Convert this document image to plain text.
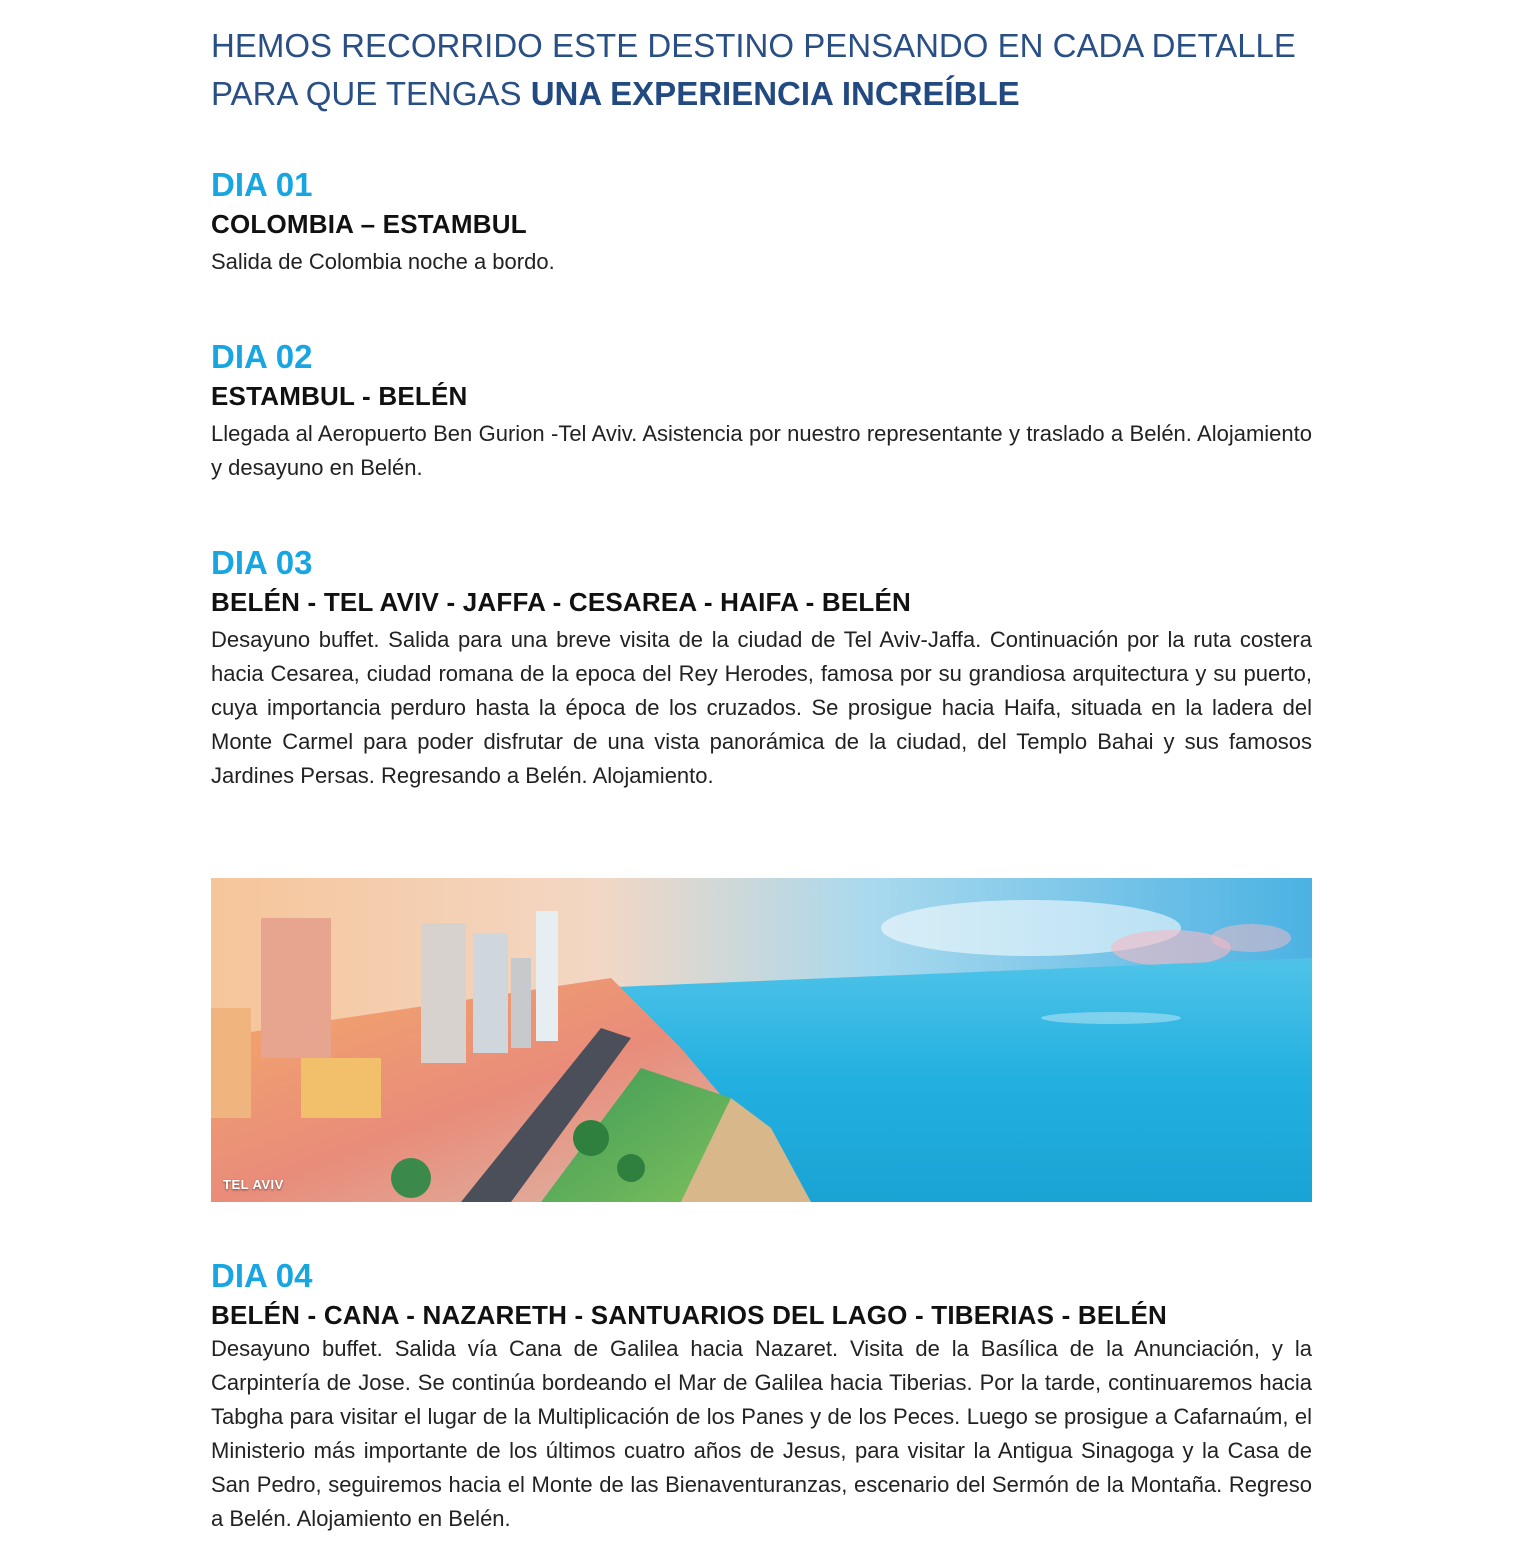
HEMOS RECORRIDO ESTE DESTINO PENSANDO EN CADA DETALLE
PARA QUE TENGAS UNA EXPERIENCIA INCREÍBLE
DIA 01
COLOMBIA – ESTAMBUL

Salida de Colombia noche a bordo.

DIA 02
ESTAMBUL - BELÉN

Llegada al Aeropuerto Ben Gurion -Tel Aviv. Asistencia por nuestro representante y traslado a Belén. Alojamiento y desayuno en Belén.

DIA 03
BELÉN - TEL AVIV - JAFFA - CESAREA - HAIFA - BELÉN

Desayuno buffet. Salida para una breve visita de la ciudad de Tel Aviv-Jaffa. Continuación por la ruta costera hacia Cesarea, ciudad romana de la epoca del Rey Herodes, famosa por su grandiosa arquitectura y su puerto, cuya importancia perduro hasta la época de los cruzados. Se prosigue hacia Haifa, situada en la ladera del Monte Carmel para poder disfrutar de una vista panorámica de la ciudad, del Templo Bahai y sus famosos Jardines Persas. Regresando a Belén. Alojamiento.

TEL AVIV
DIA 04
BELÉN - CANA - NAZARETH - SANTUARIOS DEL LAGO - TIBERIAS - BELÉN

Desayuno buffet. Salida vía Cana de Galilea hacia Nazaret. Visita de la Basílica de la Anunciación, y la Carpintería de Jose. Se continúa bordeando el Mar de Galilea hacia Tiberias. Por la tarde, continuaremos hacia Tabgha para visitar el lugar de la Multiplicación de los Panes y de los Peces. Luego se prosigue a Cafarnaúm, el Ministerio más importante de los últimos cuatro años de Jesus, para visitar la Antigua Sinagoga y la Casa de San Pedro, seguiremos hacia el Monte de las Bienaventuranzas, escenario del Sermón de la Montaña. Regreso a Belén. Alojamiento en Belén.
